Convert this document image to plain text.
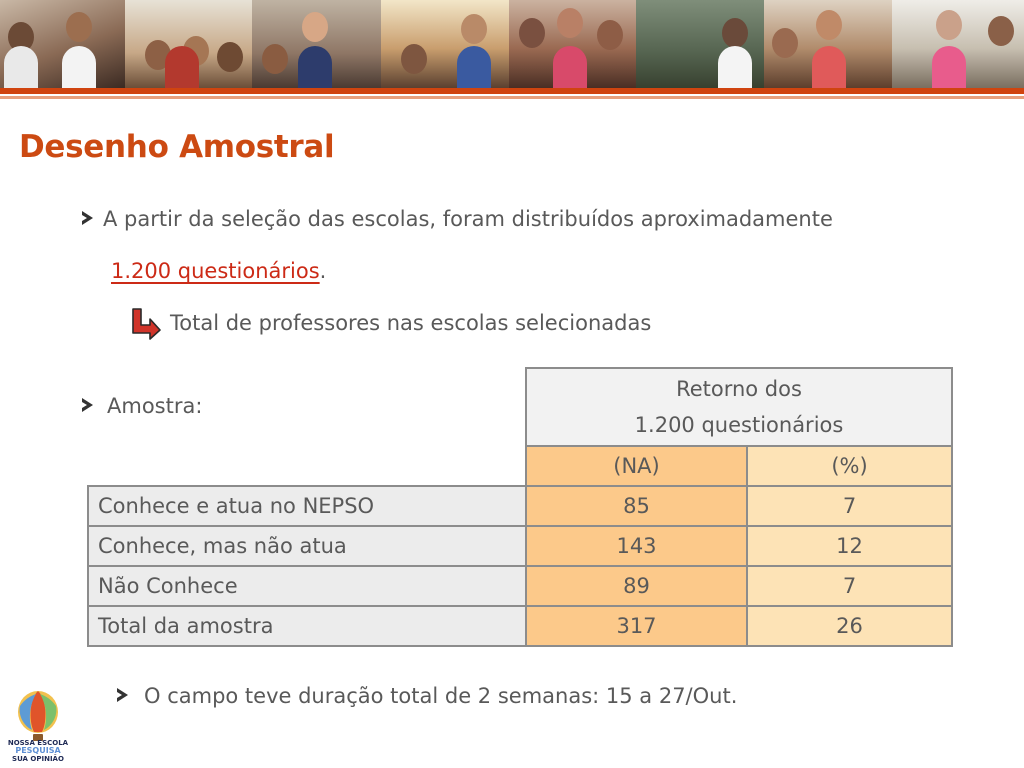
Desenho Amostral
A partir da seleção das escolas, foram distribuídos aproximadamente
1.200 questionários.
Total de professores nas escolas selecionadas
Amostra:

	Retorno dos
1.200 questionários	

	(NA)	(%)
Conhece e atua no NEPSO	85	7
Conhece, mas não atua	143	12
Não Conhece	89	7
Total da amostra	317	26
O campo teve duração total de 2 semanas: 15 a 27/Out.
NOSSA ESCOLA
PESQUISA
SUA OPINIÃO
